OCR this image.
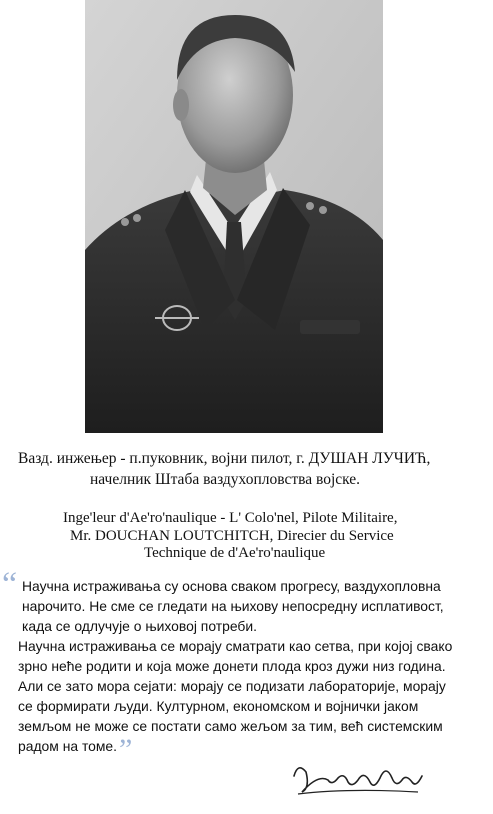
Вазд. инжењер - п.пуковник, војни пилот, г. ДУШАН ЛУЧИЋ,
начелник Штаба ваздухопловства војске.
Inge'leur d'Ae'ro'naulique - L' Colo'nel, Pilote Militaire,
Mr. DOUCHAN LOUTCHITCH, Direcier du Service
Technique de d'Ae'ro'naulique
“ Научна истраживања су основа сваком прогресу, ваздухопловна
нарочито. Не сме се гледати на њихову непосредну исплативост,
када се одлучује о њиховој потреби.
Научна истраживања се морају сматрати као сетва, при којој свако
зрно неће родити и која може донети плода кроз дужи низ година.
Али се зато мора сејати: морају се подизати лабораторије, морају
се формирати људи. Културном, економском и војнички јаком
земљом не може се постати само жељом за тим, већ системским
радом на томе.”
